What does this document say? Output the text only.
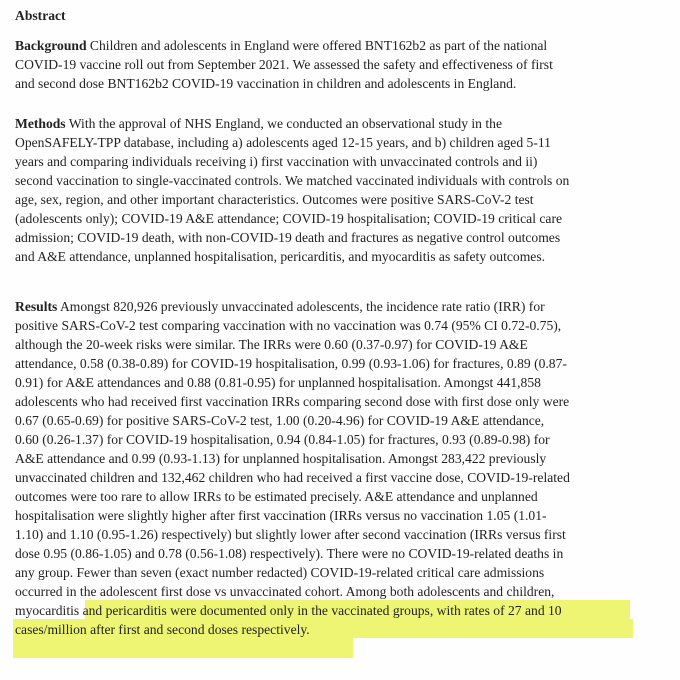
Abstract
Background Children and adolescents in England were offered BNT162b2 as part of the national
COVID-19 vaccine roll out from September 2021. We assessed the safety and effectiveness of first
and second dose BNT162b2 COVID-19 vaccination in children and adolescents in England.
Methods With the approval of NHS England, we conducted an observational study in the
OpenSAFELY-TPP database, including a) adolescents aged 12-15 years, and b) children aged 5-11
years and comparing individuals receiving i) first vaccination with unvaccinated controls and ii)
second vaccination to single-vaccinated controls. We matched vaccinated individuals with controls on
age, sex, region, and other important characteristics. Outcomes were positive SARS-CoV-2 test
(adolescents only); COVID-19 A&E attendance; COVID-19 hospitalisation; COVID-19 critical care
admission; COVID-19 death, with non-COVID-19 death and fractures as negative control outcomes
and A&E attendance, unplanned hospitalisation, pericarditis, and myocarditis as safety outcomes.
Results Amongst 820,926 previously unvaccinated adolescents, the incidence rate ratio (IRR) for
positive SARS-CoV-2 test comparing vaccination with no vaccination was 0.74 (95% CI 0.72-0.75),
although the 20-week risks were similar. The IRRs were 0.60 (0.37-0.97) for COVID-19 A&E
attendance, 0.58 (0.38-0.89) for COVID-19 hospitalisation, 0.99 (0.93-1.06) for fractures, 0.89 (0.87-
0.91) for A&E attendances and 0.88 (0.81-0.95) for unplanned hospitalisation. Amongst 441,858
adolescents who had received first vaccination IRRs comparing second dose with first dose only were
0.67 (0.65-0.69) for positive SARS-CoV-2 test, 1.00 (0.20-4.96) for COVID-19 A&E attendance,
0.60 (0.26-1.37) for COVID-19 hospitalisation, 0.94 (0.84-1.05) for fractures, 0.93 (0.89-0.98) for
A&E attendance and 0.99 (0.93-1.13) for unplanned hospitalisation. Amongst 283,422 previously
unvaccinated children and 132,462 children who had received a first vaccine dose, COVID-19-related
outcomes were too rare to allow IRRs to be estimated precisely. A&E attendance and unplanned
hospitalisation were slightly higher after first vaccination (IRRs versus no vaccination 1.05 (1.01-
1.10) and 1.10 (0.95-1.26) respectively) but slightly lower after second vaccination (IRRs versus first
dose 0.95 (0.86-1.05) and 0.78 (0.56-1.08) respectively). There were no COVID-19-related deaths in
any group. Fewer than seven (exact number redacted) COVID-19-related critical care admissions
occurred in the adolescent first dose vs unvaccinated cohort. Among both adolescents and children,
myocarditis and pericarditis were documented only in the vaccinated groups, with rates of 27 and 10
cases/million after first and second doses respectively.
